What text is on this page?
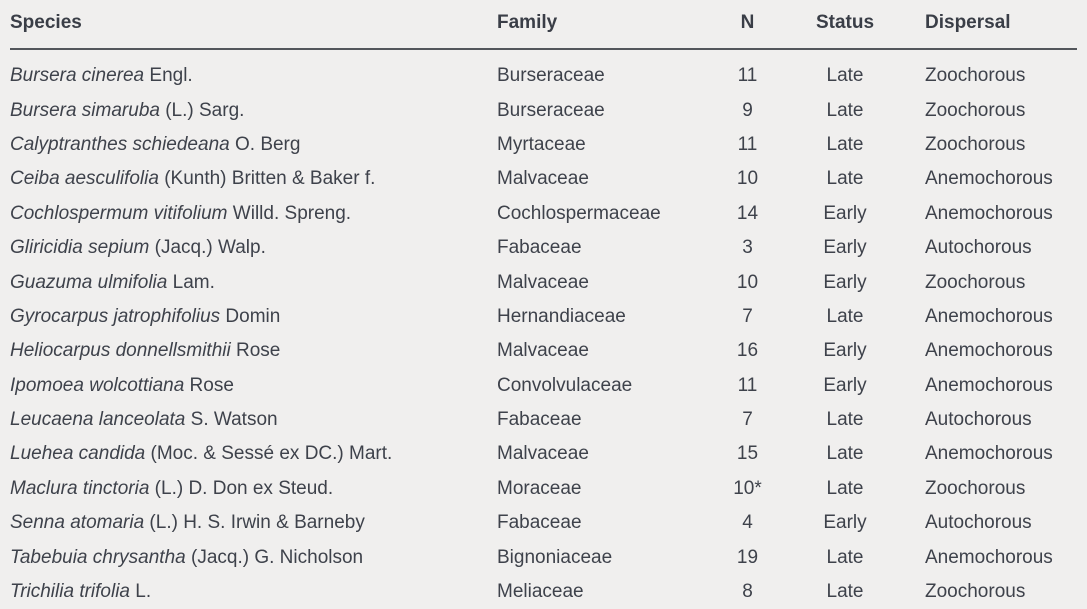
Species	Family	N	Status	Dispersal
Bursera cinerea Engl.	Burseraceae	11	Late	Zoochorous
Bursera simaruba (L.) Sarg.	Burseraceae	9	Late	Zoochorous
Calyptranthes schiedeana O. Berg	Myrtaceae	11	Late	Zoochorous
Ceiba aesculifolia (Kunth) Britten & Baker f.	Malvaceae	10	Late	Anemochorous
Cochlospermum vitifolium Willd. Spreng.	Cochlospermaceae	14	Early	Anemochorous
Gliricidia sepium (Jacq.) Walp.	Fabaceae	3	Early	Autochorous
Guazuma ulmifolia Lam.	Malvaceae	10	Early	Zoochorous
Gyrocarpus jatrophifolius Domin	Hernandiaceae	7	Late	Anemochorous
Heliocarpus donnellsmithii Rose	Malvaceae	16	Early	Anemochorous
Ipomoea wolcottiana Rose	Convolvulaceae	11	Early	Anemochorous
Leucaena lanceolata S. Watson	Fabaceae	7	Late	Autochorous
Luehea candida (Moc. & Sessé ex DC.) Mart.	Malvaceae	15	Late	Anemochorous
Maclura tinctoria (L.) D. Don ex Steud.	Moraceae	10*	Late	Zoochorous
Senna atomaria (L.) H. S. Irwin & Barneby	Fabaceae	4	Early	Autochorous
Tabebuia chrysantha (Jacq.) G. Nicholson	Bignoniaceae	19	Late	Anemochorous
Trichilia trifolia L.	Meliaceae	8	Late	Zoochorous
